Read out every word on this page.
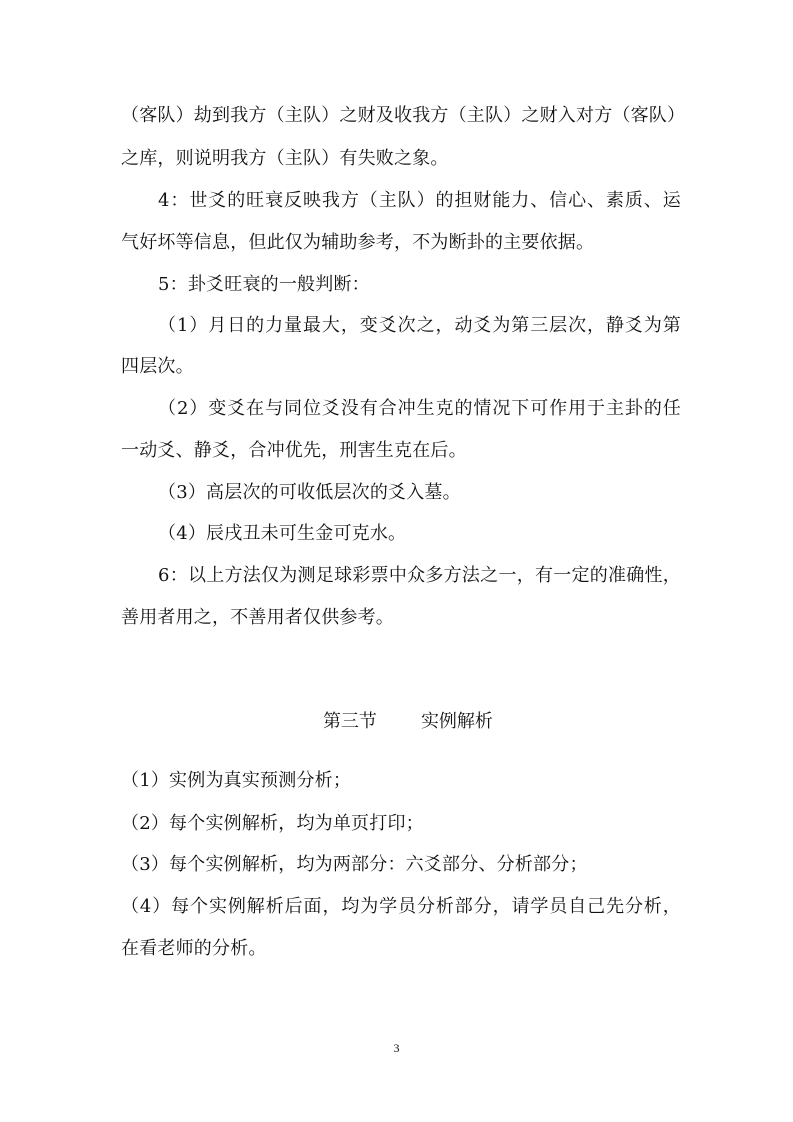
（客队）劫到我方（主队）之财及收我方（主队）之财入对方（客队）
之库，则说明我方（主队）有失败之象。
4：世爻的旺衰反映我方（主队）的担财能力、信心、素质、运
气好坏等信息，但此仅为辅助参考，不为断卦的主要依据。
5：卦爻旺衰的一般判断：
（1）月日的力量最大，变爻次之，动爻为第三层次，静爻为第
四层次。
（2）变爻在与同位爻没有合冲生克的情况下可作用于主卦的任
一动爻、静爻，合冲优先，刑害生克在后。
（3）高层次的可收低层次的爻入墓。
（4）辰戌丑未可生金可克水。
6：以上方法仅为测足球彩票中众多方法之一，有一定的准确性，
善用者用之，不善用者仅供参考。

第三节 实例解析

（1）实例为真实预测分析；
（2）每个实例解析，均为单页打印；
（3）每个实例解析，均为两部分：六爻部分、分析部分；
（4）每个实例解析后面，均为学员分析部分，请学员自己先分析，
在看老师的分析。
3
